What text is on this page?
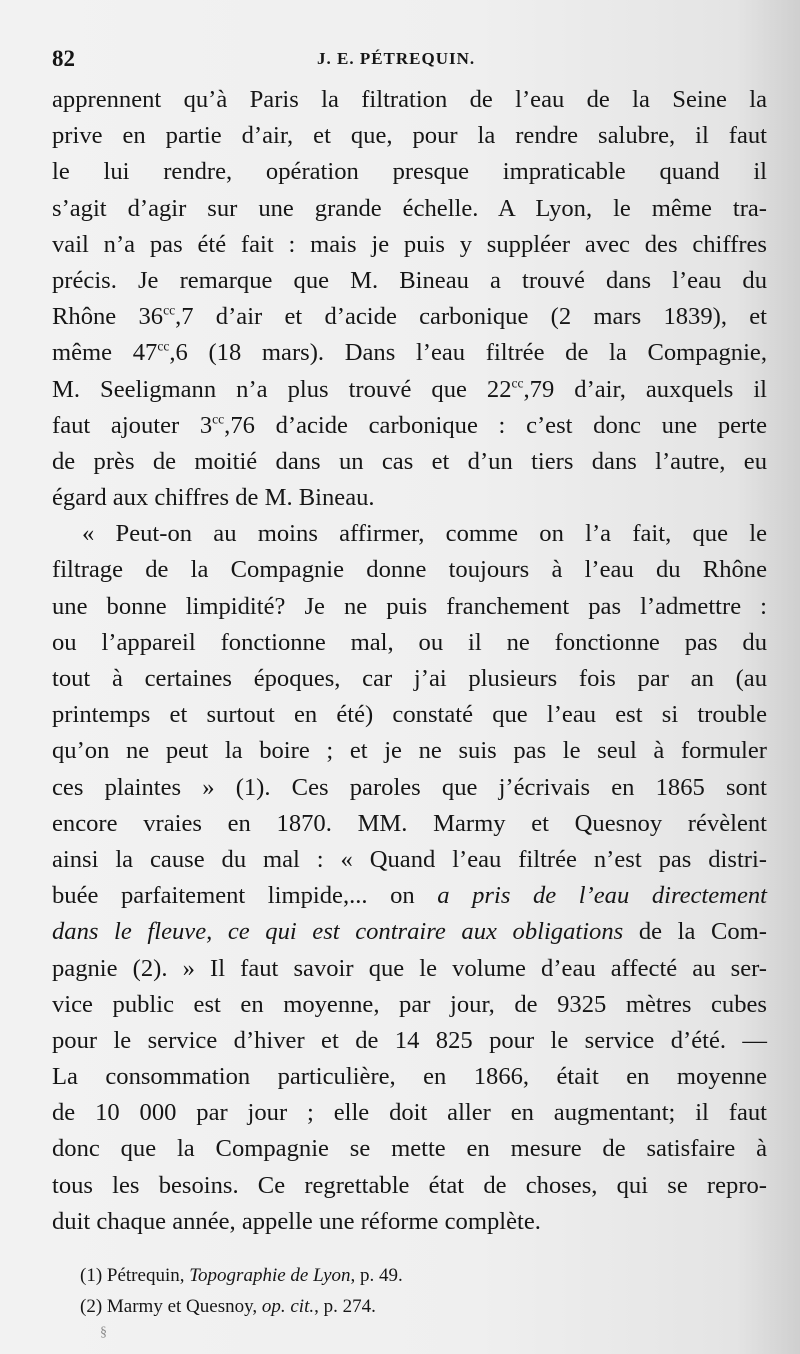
82	J. E. PÉTREQUIN.
apprennent qu’à Paris la filtration de l’eau de la Seine la
prive en partie d’air, et que, pour la rendre salubre, il faut
le lui rendre, opération presque impraticable quand il
s’agit d’agir sur une grande échelle. A Lyon, le même tra-
vail n’a pas été fait : mais je puis y suppléer avec des chiffres
précis. Je remarque que M. Bineau a trouvé dans l’eau du
Rhône $36^{cc},7$ d’air et d’acide carbonique (2 mars 1839), et
même $47^{cc},6$ (18 mars). Dans l’eau filtrée de la Compagnie,
M. Seeligmann n’a plus trouvé que $22^{cc},79$ d’air, auxquels il
faut ajouter $3^{cc},76$ d’acide carbonique : c’est donc une perte
de près de moitié dans un cas et d’un tiers dans l’autre, eu
égard aux chiffres de M. Bineau.
« Peut-on au moins affirmer, comme on l’a fait, que le
filtrage de la Compagnie donne toujours à l’eau du Rhône
une bonne limpidité? Je ne puis franchement pas l’admettre :
ou l’appareil fonctionne mal, ou il ne fonctionne pas du
tout à certaines époques, car j’ai plusieurs fois par an (au
printemps et surtout en été) constaté que l’eau est si trouble
qu’on ne peut la boire ; et je ne suis pas le seul à formuler
ces plaintes » (1). Ces paroles que j’écrivais en 1865 sont
encore vraies en 1870. MM. Marmy et Quesnoy révèlent
ainsi la cause du mal : « Quand l’eau filtrée n’est pas distri-
buée parfaitement limpide,... on a pris de l’eau directement
dans le fleuve, ce qui est contraire aux obligations de la Com-
pagnie (2). » Il faut savoir que le volume d’eau affecté au ser-
vice public est en moyenne, par jour, de 9325 mètres cubes
pour le service d’hiver et de 14 825 pour le service d’été. —
La consommation particulière, en 1866, était en moyenne
de 10 000 par jour ; elle doit aller en augmentant; il faut
donc que la Compagnie se mette en mesure de satisfaire à
tous les besoins. Ce regrettable état de choses, qui se repro-
duit chaque année, appelle une réforme complète.
(1) Pétrequin, Topographie de Lyon, p. 49.
(2) Marmy et Quesnoy, op. cit., p. 274.
§
